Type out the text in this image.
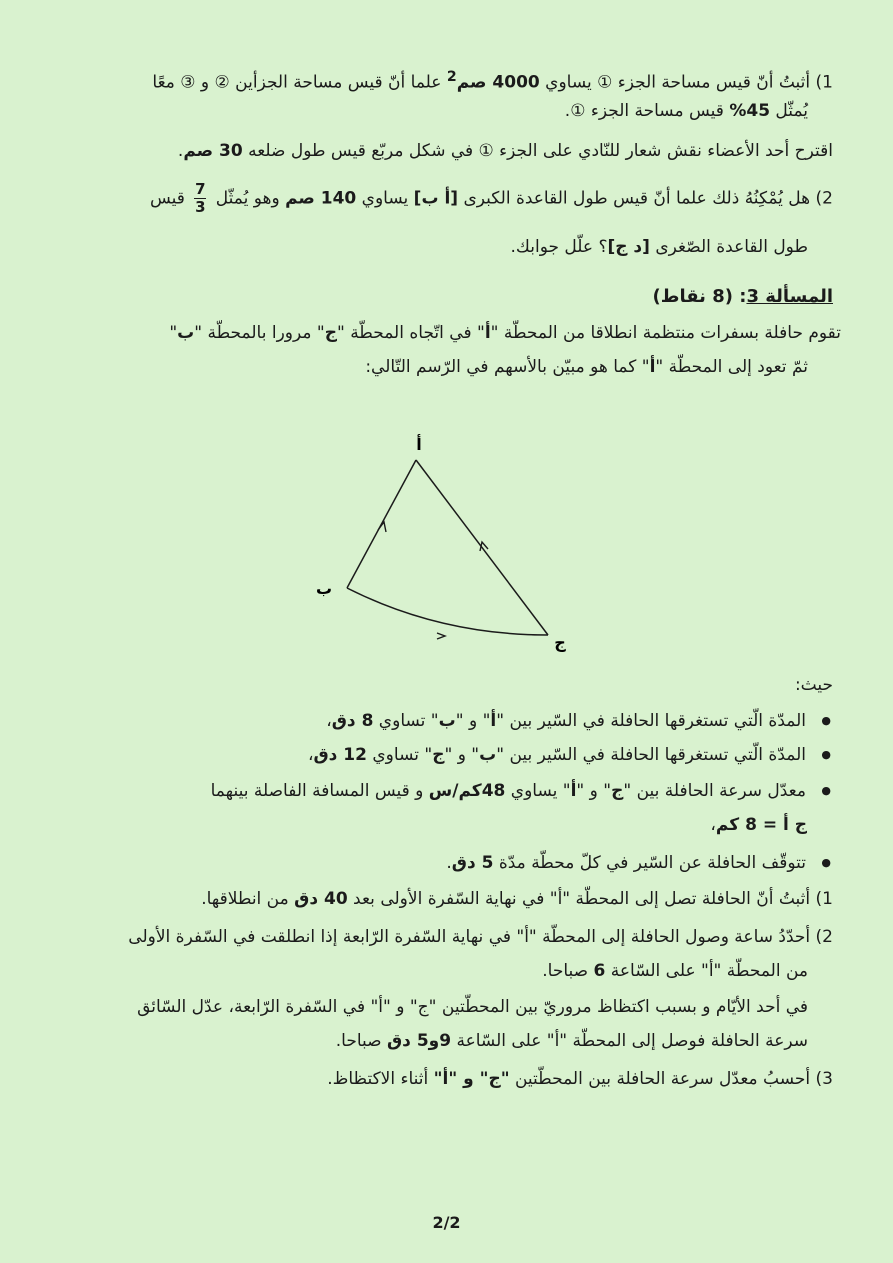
1) أثبتُ أنّ قيس مساحة الجزء ① يساوي 4000 صم$^2$ علما أنّ قيس مساحة الجزأين ② و ③ معًا
يُمثّل 45% قيس مساحة الجزء ①.
اقترح أحد الأعضاء نقش شعار للنّادي على الجزء ① في شكل مربّع قيس طول ضلعه 30 صم.
2) هل يُمْكِنُهُ ذلك علما أنّ قيس طول القاعدة الكبرى [أ ب] يساوي 140 صم وهو يُمثّل
$\frac{7}{3}$
قيس
طول القاعدة الصّغرى [د ج]؟ علّل جوابك.
المسألة 3: (8 نقاط)
تقوم حافلة بسفرات منتظمة انطلاقا من المحطّة "أ" في اتّجاه المحطّة "ج" مرورا بالمحطّة "ب"
ثمّ تعود إلى المحطّة "أ" كما هو مبيّن بالأسهم في الرّسم التّالي:
أ
ب
ج
حيث:
● المدّة الّتي تستغرقها الحافلة في السّير بين "أ" و "ب" تساوي 8 دق،
● المدّة الّتي تستغرقها الحافلة في السّير بين "ب" و "ج" تساوي 12 دق،
● معدّل سرعة الحافلة بين "ج" و "أ" يساوي 48كم/س و قيس المسافة الفاصلة بينهما
ج أ = 8 كم،
● تتوقّف الحافلة عن السّير في كلّ محطّة مدّة 5 دق.
1) أثبتُ أنّ الحافلة تصل إلى المحطّة "أ" في نهاية السّفرة الأولى بعد 40 دق من انطلاقها.
2) أحدّدُ ساعة وصول الحافلة إلى المحطّة "أ" في نهاية السّفرة الرّابعة إذا انطلقت في السّفرة الأولى
من المحطّة "أ" على السّاعة 6 صباحا.
في أحد الأيّام و بسبب اكتظاظ مروريّ بين المحطّتين "ج" و "أ" في السّفرة الرّابعة، عدّل السّائق
سرعة الحافلة فوصل إلى المحطّة "أ" على السّاعة 9و5 دق صباحا.
3) أحسبُ معدّل سرعة الحافلة بين المحطّتين "ج" و "أ" أثناء الاكتظاظ.
2/2
